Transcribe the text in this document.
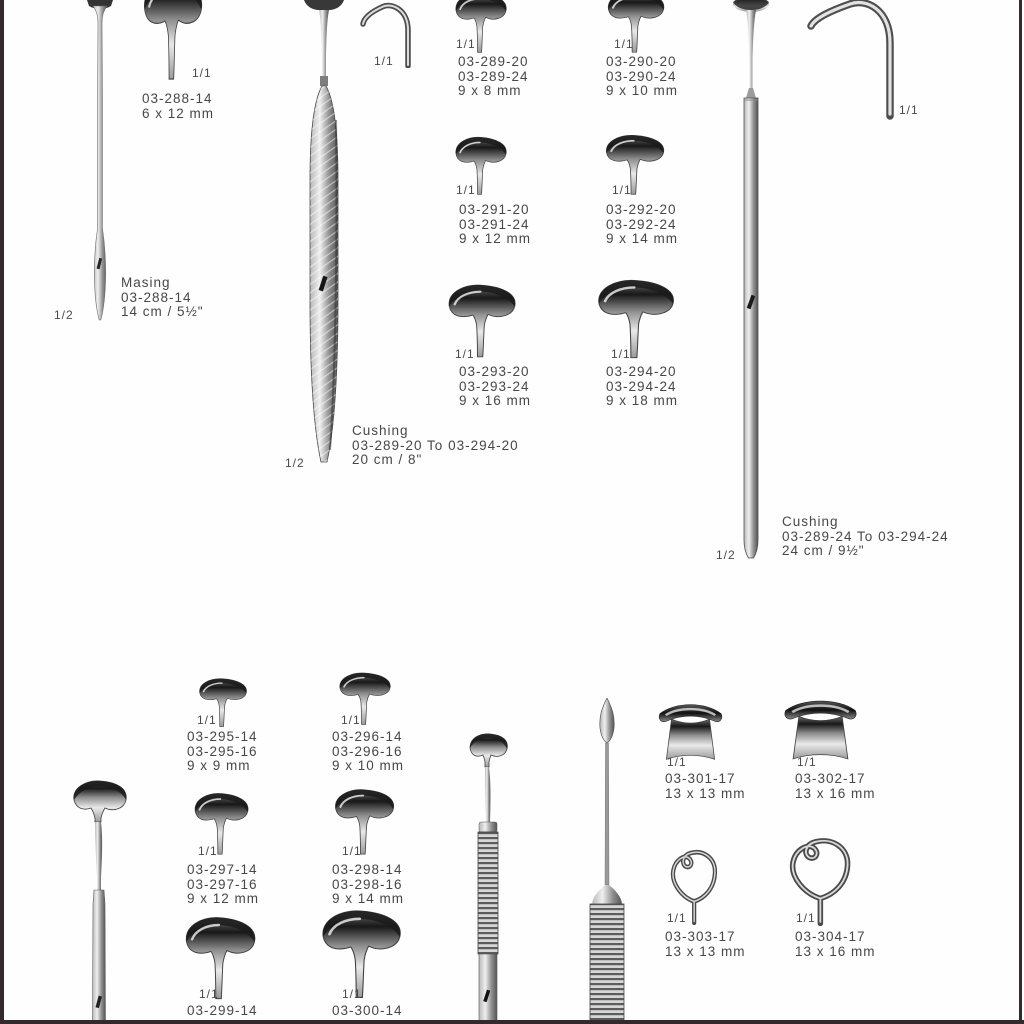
1/2
1/1
1/2
1/1
1/1	1/1
1/1	1/1
1/1	1/1
1/2
1/1
1/1	1/1
1/1	1/1
1/1	1/1
1/1	1/1
1/1	1/1
03-288-14
6 x 12 mm
Masing
03-288-14
14 cm / 5½"
Cushing
03-289-20 To 03-294-20
20 cm / 8"
Cushing
03-289-24 To 03-294-24
24 cm / 9½"
03-289-20
03-289-24
9 x 8 mm
03-290-20
03-290-24
9 x 10 mm
03-291-20
03-291-24
9 x 12 mm
03-292-20
03-292-24
9 x 14 mm
03-293-20
03-293-24
9 x 16 mm
03-294-20
03-294-24
9 x 18 mm
03-295-14
03-295-16
9 x 9 mm
03-296-14
03-296-16
9 x 10 mm
03-297-14
03-297-16
9 x 12 mm
03-298-14
03-298-16
9 x 14 mm
03-299-14	03-300-14
03-301-17
13 x 13 mm
03-302-17
13 x 16 mm
03-303-17
13 x 13 mm
03-304-17
13 x 16 mm
